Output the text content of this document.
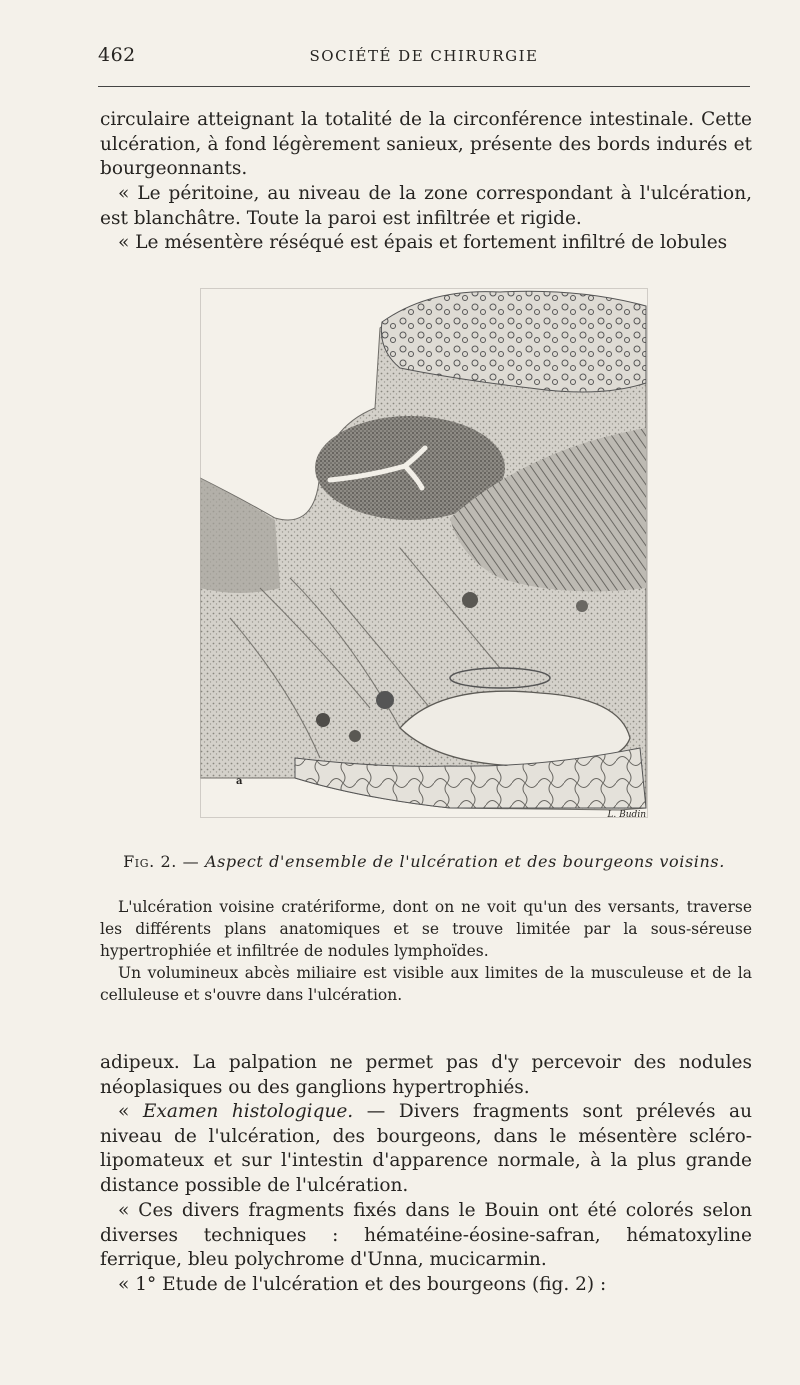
462	SOCIÉTÉ DE CHIRURGIE

circulaire atteignant la totalité de la circonférence intestinale. Cette ulcération, à fond légèrement sanieux, présente des bords indurés et bourgeonnants.

« Le péritoine, au niveau de la zone correspondant à l'ulcération, est blanchâtre. Toute la paroi est infiltrée et rigide.

« Le mésentère réséqué est épais et fortement infiltré de lobules

a
L. Budin
Fig. 2. — Aspect d'ensemble de l'ulcération et des bourgeons voisins.

L'ulcération voisine cratériforme, dont on ne voit qu'un des versants, traverse les différents plans anatomiques et se trouve limitée par la sous-séreuse hypertrophiée et infiltrée de nodules lymphoïdes.

Un volumineux abcès miliaire est visible aux limites de la musculeuse et de la celluleuse et s'ouvre dans l'ulcération.

adipeux. La palpation ne permet pas d'y percevoir des nodules néoplasiques ou des ganglions hypertrophiés.

« Examen histologique. — Divers fragments sont prélevés au niveau de l'ulcération, des bourgeons, dans le mésentère scléro-lipomateux et sur l'intestin d'apparence normale, à la plus grande distance possible de l'ulcération.

« Ces divers fragments fixés dans le Bouin ont été colorés selon diverses techniques : hématéine-éosine-safran, hématoxyline ferrique, bleu polychrome d'Unna, mucicarmin.

« 1° Etude de l'ulcération et des bourgeons (fig. 2) :
